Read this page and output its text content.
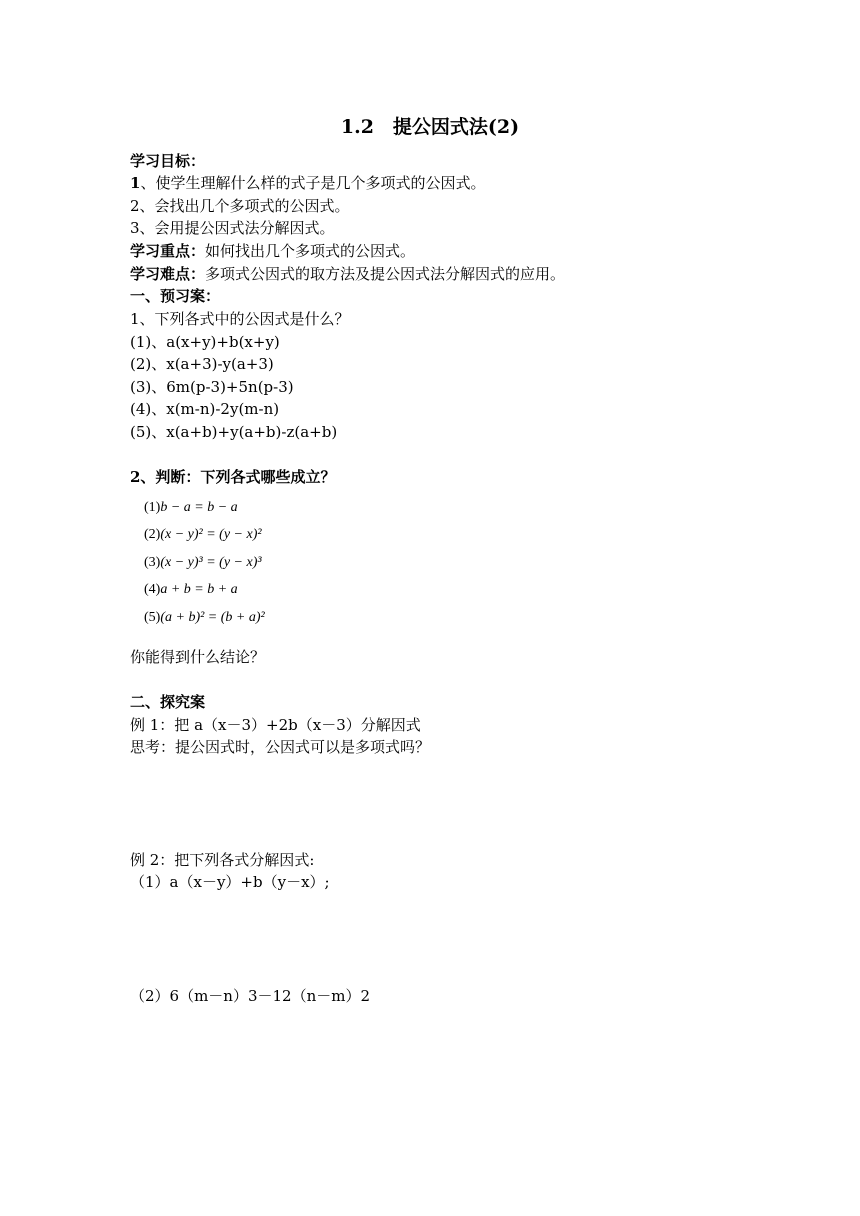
1.2　提公因式法(2)
学习目标：
1、使学生理解什么样的式子是几个多项式的公因式。
2、会找出几个多项式的公因式。
3、会用提公因式法分解因式。
学习重点：如何找出几个多项式的公因式。
学习难点：多项式公因式的取方法及提公因式法分解因式的应用。
一、预习案：
1、下列各式中的公因式是什么？
(1)、a(x+y)+b(x+y)
(2)、x(a+3)-y(a+3)
(3)、6m(p-3)+5n(p-3)
(4)、x(m-n)-2y(m-n)
(5)、x(a+b)+y(a+b)-z(a+b)
2、判断：下列各式哪些成立？
(1)b − a = b − a
(2)(x − y)² = (y − x)²
(3)(x − y)³ = (y − x)³
(4)a + b = b + a
(5)(a + b)² = (b + a)²
你能得到什么结论？
二、探究案
例 1：把 a（x－3）+2b（x－3）分解因式
思考：提公因式时，公因式可以是多项式吗？
例 2：把下列各式分解因式:
（1）a（x－y）+b（y－x）;
（2）6（m－n）3－12（n－m）2
